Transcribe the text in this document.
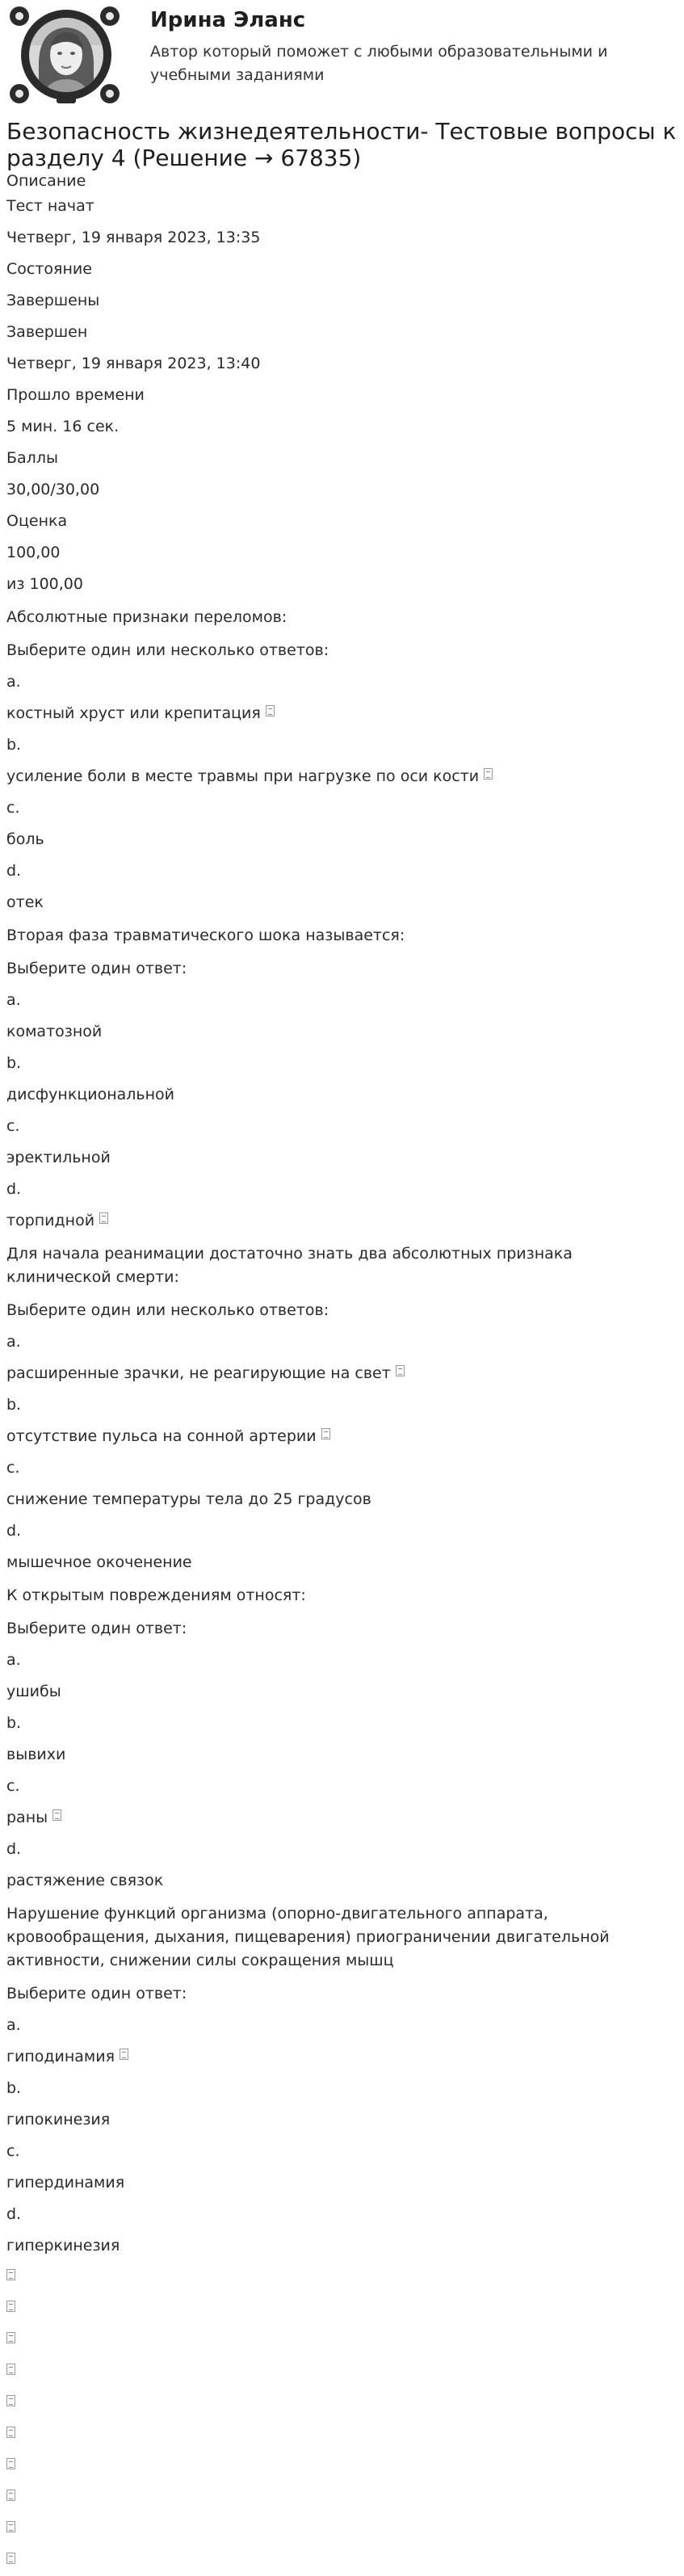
Ирина Эланс
Автор который поможет с любыми образовательными и учебными заданиями
Безопасность жизнедеятельности- Тестовые вопросы к разделу 4 (Решение → 67835)
Описание
Тест начат
Четверг, 19 января 2023, 13:35
Состояние
Завершены
Завершен
Четверг, 19 января 2023, 13:40
Прошло времени
5 мин. 16 сек.
Баллы
30,00/30,00
Оценка
100,00
из 100,00
Абсолютные признаки переломов:
Выберите один или несколько ответов:
a.
костный хруст или крепитация
b.
усиление боли в месте травмы при нагрузке по оси кости
c.
боль
d.
отек
Вторая фаза травматического шока называется:
Выберите один ответ:
a.
коматозной
b.
дисфункциональной
c.
эректильной
d.
торпидной
Для начала реанимации достаточно знать два абсолютных признака клинической смерти:
Выберите один или несколько ответов:
a.
расширенные зрачки, не реагирующие на свет
b.
отсутствие пульса на сонной артерии
c.
снижение температуры тела до 25 градусов
d.
мышечное окоченение
К открытым повреждениям относят:
Выберите один ответ:
a.
ушибы
b.
вывихи
c.
раны
d.
растяжение связок
Нарушение функций организма (опорно-двигательного аппарата, кровообращения, дыхания, пищеварения) приограничении двигательной активности, снижении силы сокращения мышц
Выберите один ответ:
a.
гиподинамия
b.
гипокинезия
c.
гипердинамия
d.
гиперкинезия
